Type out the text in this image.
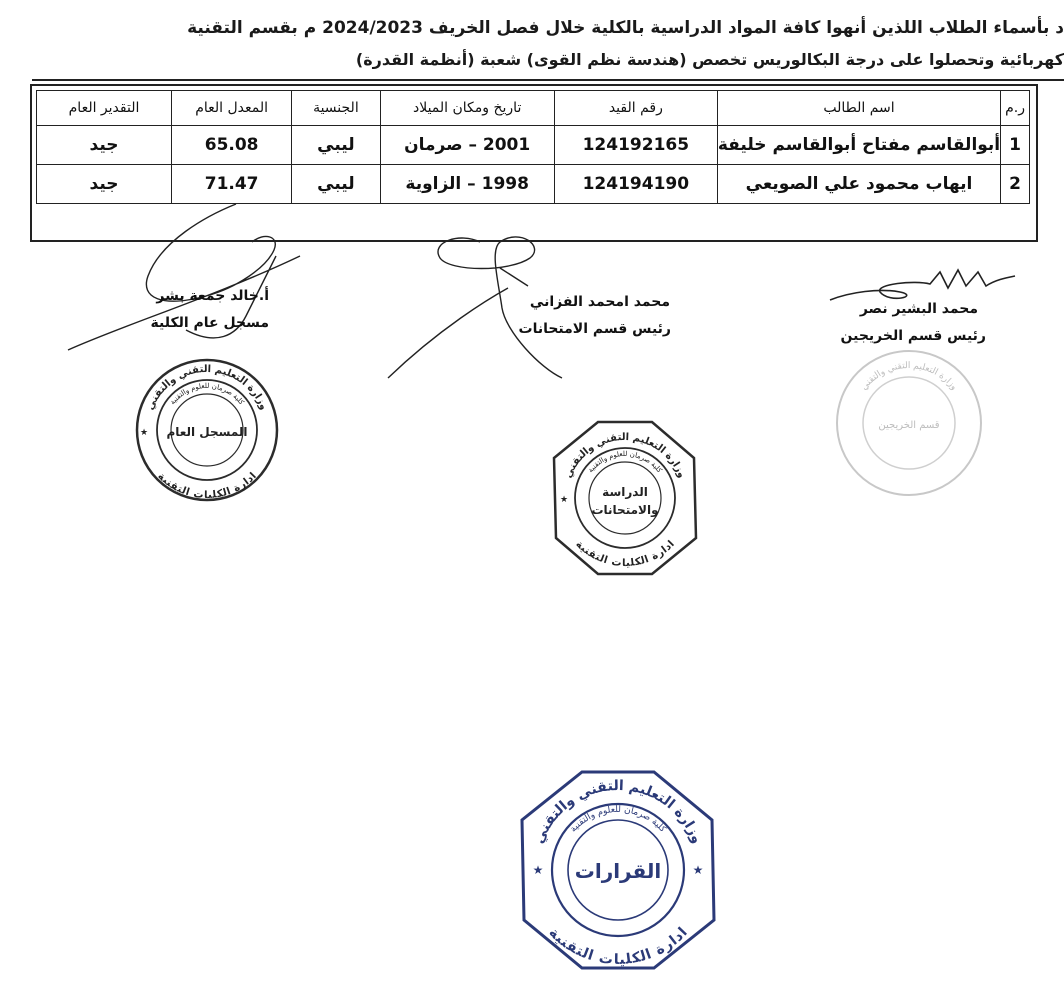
د بأسماء الطلاب اللذين أنهوا كافة المواد الدراسية بالكلية خلال فصل الخريف 2024/2023 م بقسم التقنية
كهربائية وتحصلوا على درجة البكالوريس تخصص (هندسة نظم القوى) شعبة (أنظمة القدرة)
ر.م	اسم الطالب	رقم القيد	تاريخ ومكان الميلاد	الجنسية	المعدل العام	التقدير العام
1	أبوالقاسم مفتاح أبوالقاسم خليفة	124192165	2001 – صرمان	ليبي	65.08	جيد
2	ايهاب محمود علي الصويعي	124194190	1998 – الزاوية	ليبي	71.47	جيد
محمد البشير نصر
رئيس قسم الخريجين
محمد امحمد الفزاني
رئيس قسم الامتحانات
أ.خالد جمعة بشر
مسجل عام الكلية
وزارة التعليم التقني والتقني
قسم الخريجين
وزارة التعليم التقني والتقني
كلية صرمان للعلوم والتقنية
ادارة الكليات التقنية
المسجل العام
★
وزارة التعليم التقني والتقني
كلية صرمان للعلوم والتقنية
ادارة الكليات التقنية
الدراسة
والامتحانات
★
وزارة التعليم التقني والتقني
كلية صرمان للعلوم والتقنية
ادارة الكليات التقنية
القرارات
★	★
